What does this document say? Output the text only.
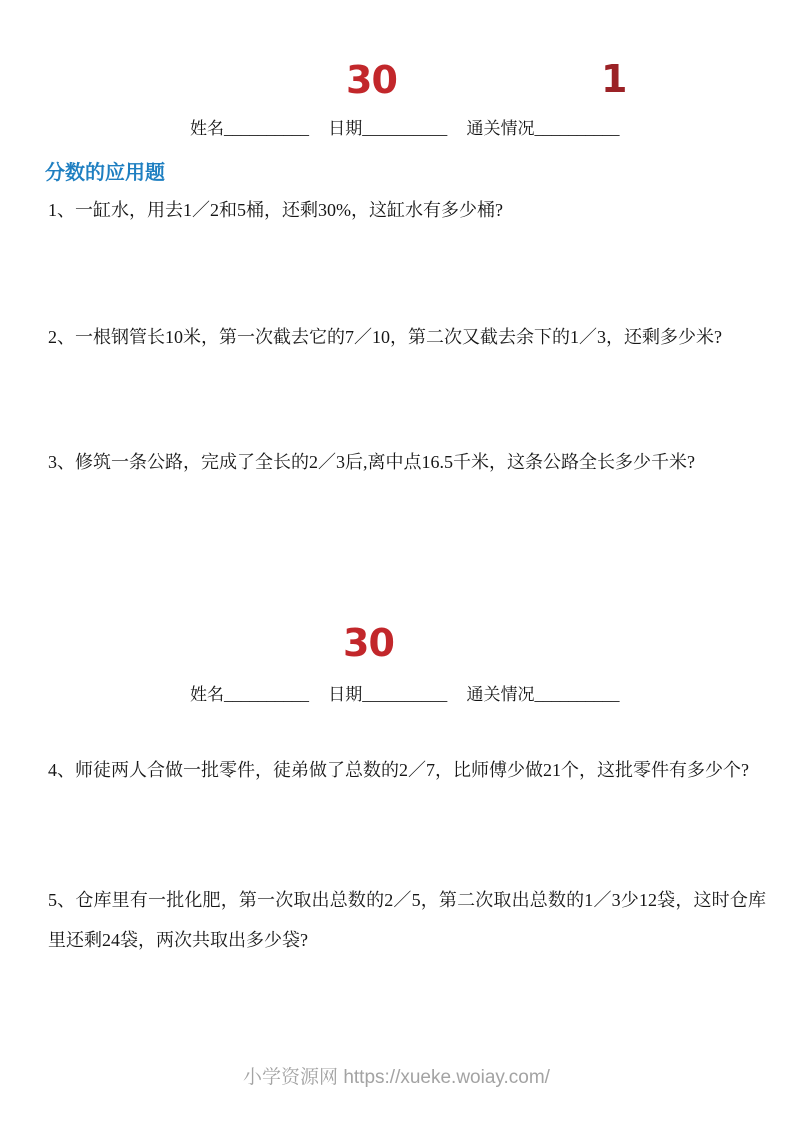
30	1
姓名__________ 日期__________ 通关情况__________
分数的应用题

1、一缸水，用去1／2和5桶，还剩30%，这缸水有多少桶?

2、一根钢管长10米，第一次截去它的7／10，第二次又截去余下的1／3，还剩多少米?

3、修筑一条公路，完成了全长的2／3后,离中点16.5千米，这条公路全长多少千米?

30
姓名__________ 日期__________ 通关情况__________

4、师徒两人合做一批零件，徒弟做了总数的2／7，比师傅少做21个，这批零件有多少个?

5、仓库里有一批化肥，第一次取出总数的2／5，第二次取出总数的1／3少12袋，这时仓库里还剩24袋，两次共取出多少袋?

小学资源网 https://xueke.woiay.com/
